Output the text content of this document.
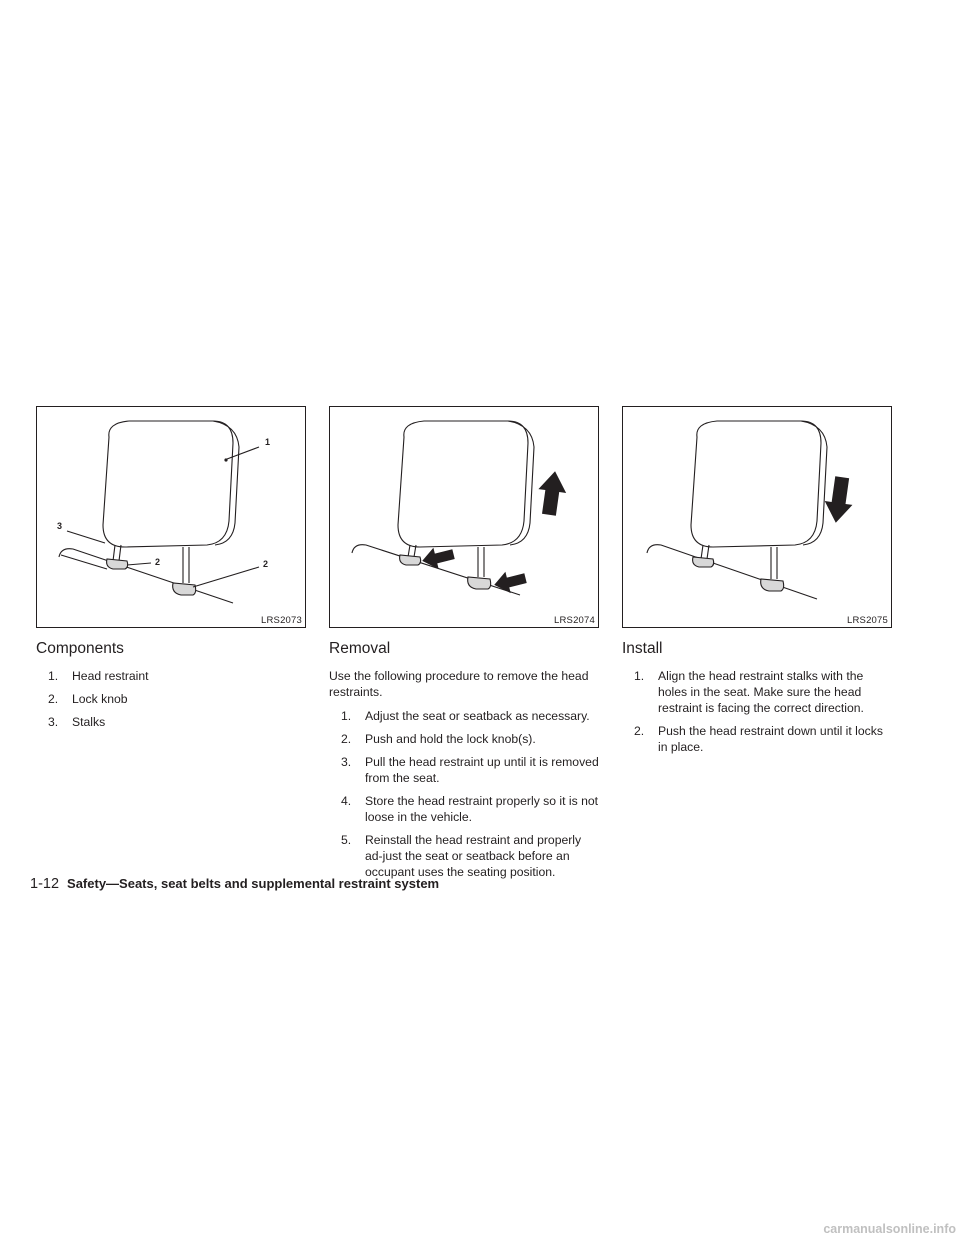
1
2	2
3
LRS2073
Components
1. Head restraint
2. Lock knob
3. Stalks
LRS2074
Removal

Use the following procedure to remove the head restraints.

1. Adjust the seat or seatback as necessary.
2. Push and hold the lock knob(s).
3. Pull the head restraint up until it is removed from the seat.
4. Store the head restraint properly so it is not loose in the vehicle.
5. Reinstall the head restraint and properly ad-just the seat or seatback before an occupant uses the seating position.
LRS2075
Install
1. Align the head restraint stalks with the holes in the seat. Make sure the head restraint is facing the correct direction.
2. Push the head restraint down until it locks in place.
1-12 Safety—Seats, seat belts and supplemental restraint system
carmanualsonline.info
